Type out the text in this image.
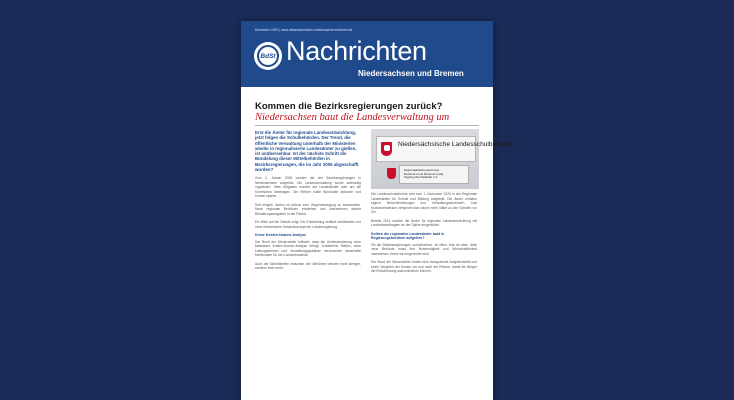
Dezember 2020 | www.dbsanachrichten-niedersachsen-bremen.de
BdSt Nachrichten
Niedersachsen und Bremen
Kommen die Bezirksregierungen zurück?
Niedersachsen baut die Landesverwaltung um
Erst die Ämter für regionale Landesentwicklung, jetzt folgen die Schulbehörden. Der Trend, die öffentliche Verwaltung unterhalb der Ministerien wieder in regionalisierte Landesämter zu gießen, ist unübersehbar. Ist der nächste Schritt die Bündelung dieser Mittelbehörden in Bezirksregierungen, die im Jahr 2005 abgeschafft wurden?
Zum 1. Januar 2005 wurden die vier Bezirksregierungen in Niedersachsen aufgelöst. Die Landesverwaltung wurde zweistufig organisiert. Viele Aufgaben wurden auf Landesämter oder auf die Kommunen übertragen. Die Reform sollte Bürokratie abbauen und Kosten sparen.
Seit einigen Jahren ist jedoch eine Gegenbewegung zu beobachten. Neue regionale Behörden entstehen und übernehmen wieder Bündelungsaufgaben in der Fläche.
Ein Blick auf die Details zeigt: Die Entwicklung verläuft schrittweise und ohne erkennbares Gesamtkonzept der Landesregierung.
Keine Kosten-Nutzen-Analyse
Der Bund der Steuerzahler kritisiert, dass die Umstrukturierung ohne belastbare Kosten-Nutzen-Analyse erfolgt. Zusätzliche Stellen, neue Leitungsebenen und Verwaltungsgebäude verursachen dauerhafte Mehrkosten für den Landeshaushalt.
Auch die Schnittstellen zwischen den Behörden werden nicht weniger, sondern eher mehr.
Niedersächsische Landesschulbehörde
Regionalabteilung Hannover
Dezernat 3 und Dezernat 4 (alt)
Zugang über Parkplatz 1-3
Die Landesschulbehörde wird zum 1. Dezember 2020 in vier Regionale Landesämter für Schule und Bildung aufgeteilt. Die Ämter erhalten eigene Behördenleitungen und Verwaltungsstrukturen. Das Kultusministerium verspricht sich davon mehr Nähe zu den Schulen vor Ort.
Bereits 2014 wurden die Ämter für regionale Landesentwicklung mit Landesbeauftragten an der Spitze eingerichtet.
Sollten die regionalen Landesämter bald in Regierungsbezirken aufgehen?
Ob die Bezirksregierungen zurückkehren, ist offen. Klar ist aber: Jede neue Behörde muss ihre Notwendigkeit und Wirtschaftlichkeit nachweisen, bevor sie eingerichtet wird.
Der Bund der Steuerzahler fordert eine transparente Aufgabenkritik und einen Vergleich der Kosten vor und nach der Reform, damit die Bürger die Entscheidung nachvollziehen können.
